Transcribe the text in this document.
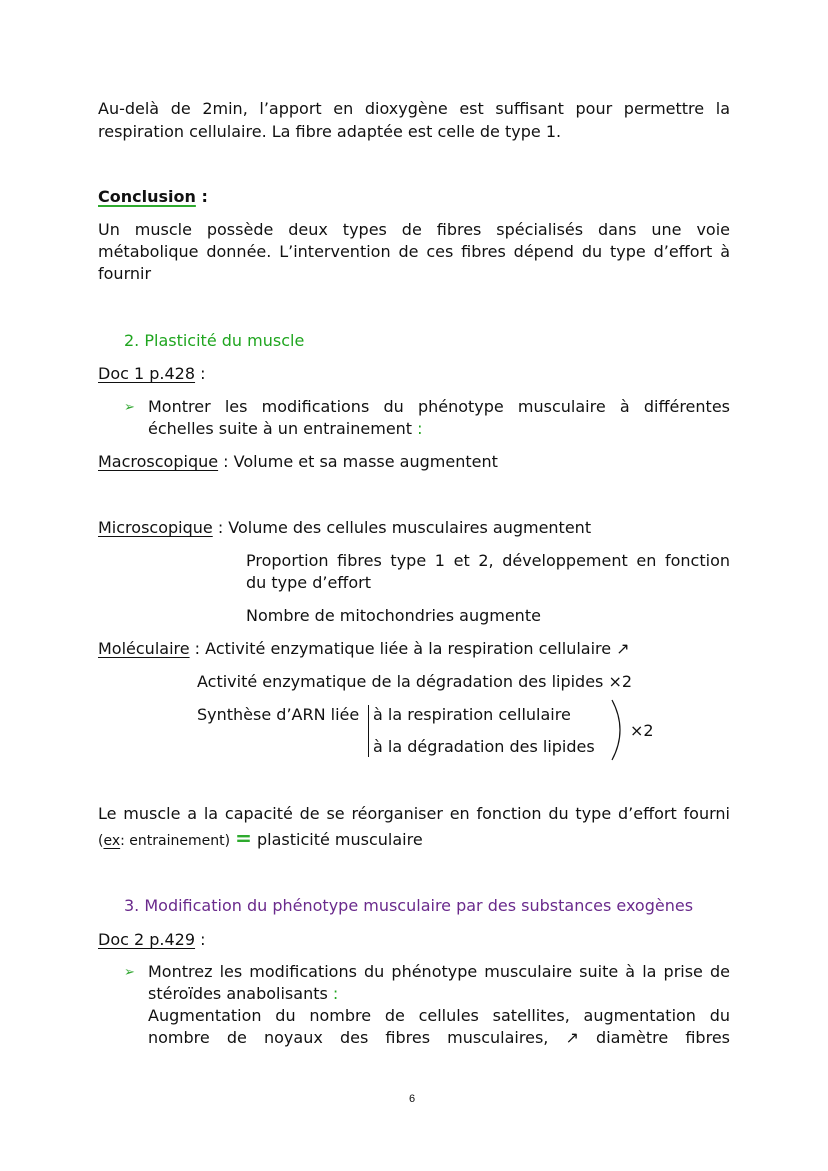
Au-delà de 2min, l’apport en dioxygène est suffisant pour permettre la
respiration cellulaire. La fibre adaptée est celle de type 1.
Conclusion :
Un muscle possède deux types de fibres spécialisés dans une voie
métabolique donnée. L’intervention de ces fibres dépend du type d’effort à
fournir
2. Plasticité du muscle
Doc 1 p.428 :
➢ Montrer les modifications du phénotype musculaire à différentes
échelles suite à un entrainement :
Macroscopique : Volume et sa masse augmentent
Microscopique : Volume des cellules musculaires augmentent
Proportion fibres type 1 et 2, développement en fonction
du type d’effort
Nombre de mitochondries augmente
Moléculaire : Activité enzymatique liée à la respiration cellulaire ↗
Activité enzymatique de la dégradation des lipides ×2
Synthèse d’ARN liée à la respiration cellulaire
à la dégradation des lipides
×2
Le muscle a la capacité de se réorganiser en fonction du type d’effort fourni
(ex: entrainement) = plasticité musculaire
3. Modification du phénotype musculaire par des substances exogènes
Doc 2 p.429 :
➢ Montrez les modifications du phénotype musculaire suite à la prise de
stéroïdes anabolisants :
Augmentation du nombre de cellules satellites, augmentation du
nombre de noyaux des fibres musculaires, ↗ diamètre fibres
6
